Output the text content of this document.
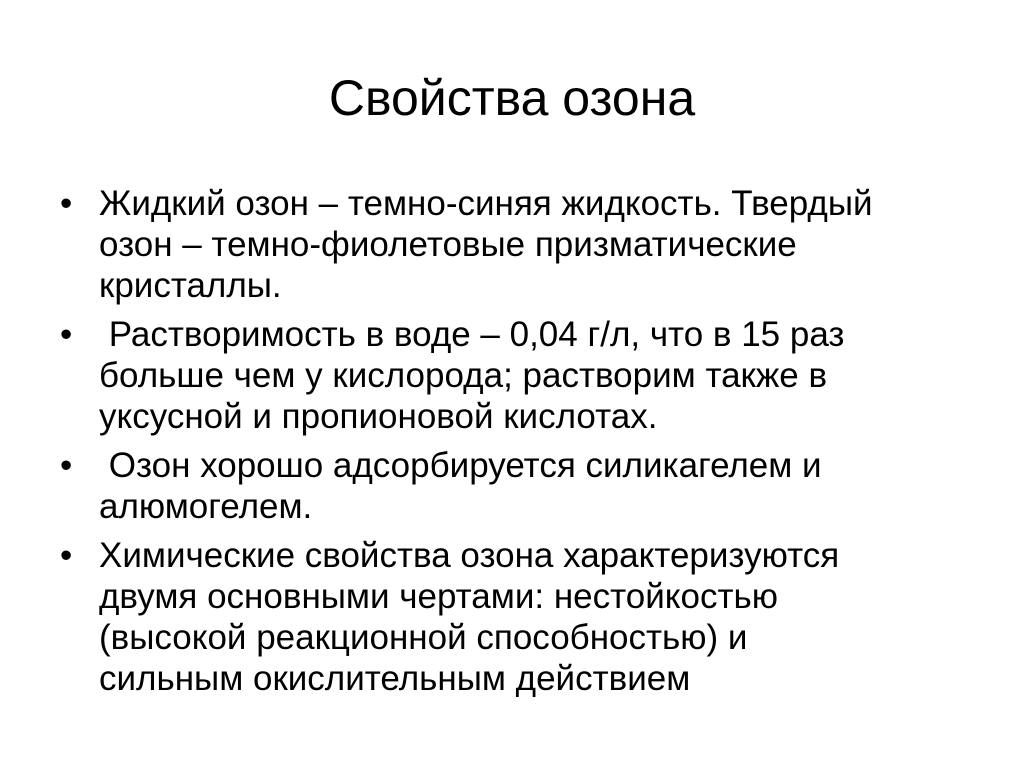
Свойства озона
• Жидкий озон – темно-синяя жидкость. Твердый
озон – темно-фиолетовые призматические
кристаллы.
• Растворимость в воде – 0,04 г/л, что в 15 раз
больше чем у кислорода; растворим также в
уксусной и пропионовой кислотах.
• Озон хорошо адсорбируется силикагелем и
алюмогелем.
• Химические свойства озона характеризуются
двумя основными чертами: нестойкостью
(высокой реакционной способностью) и
сильным окислительным действием
